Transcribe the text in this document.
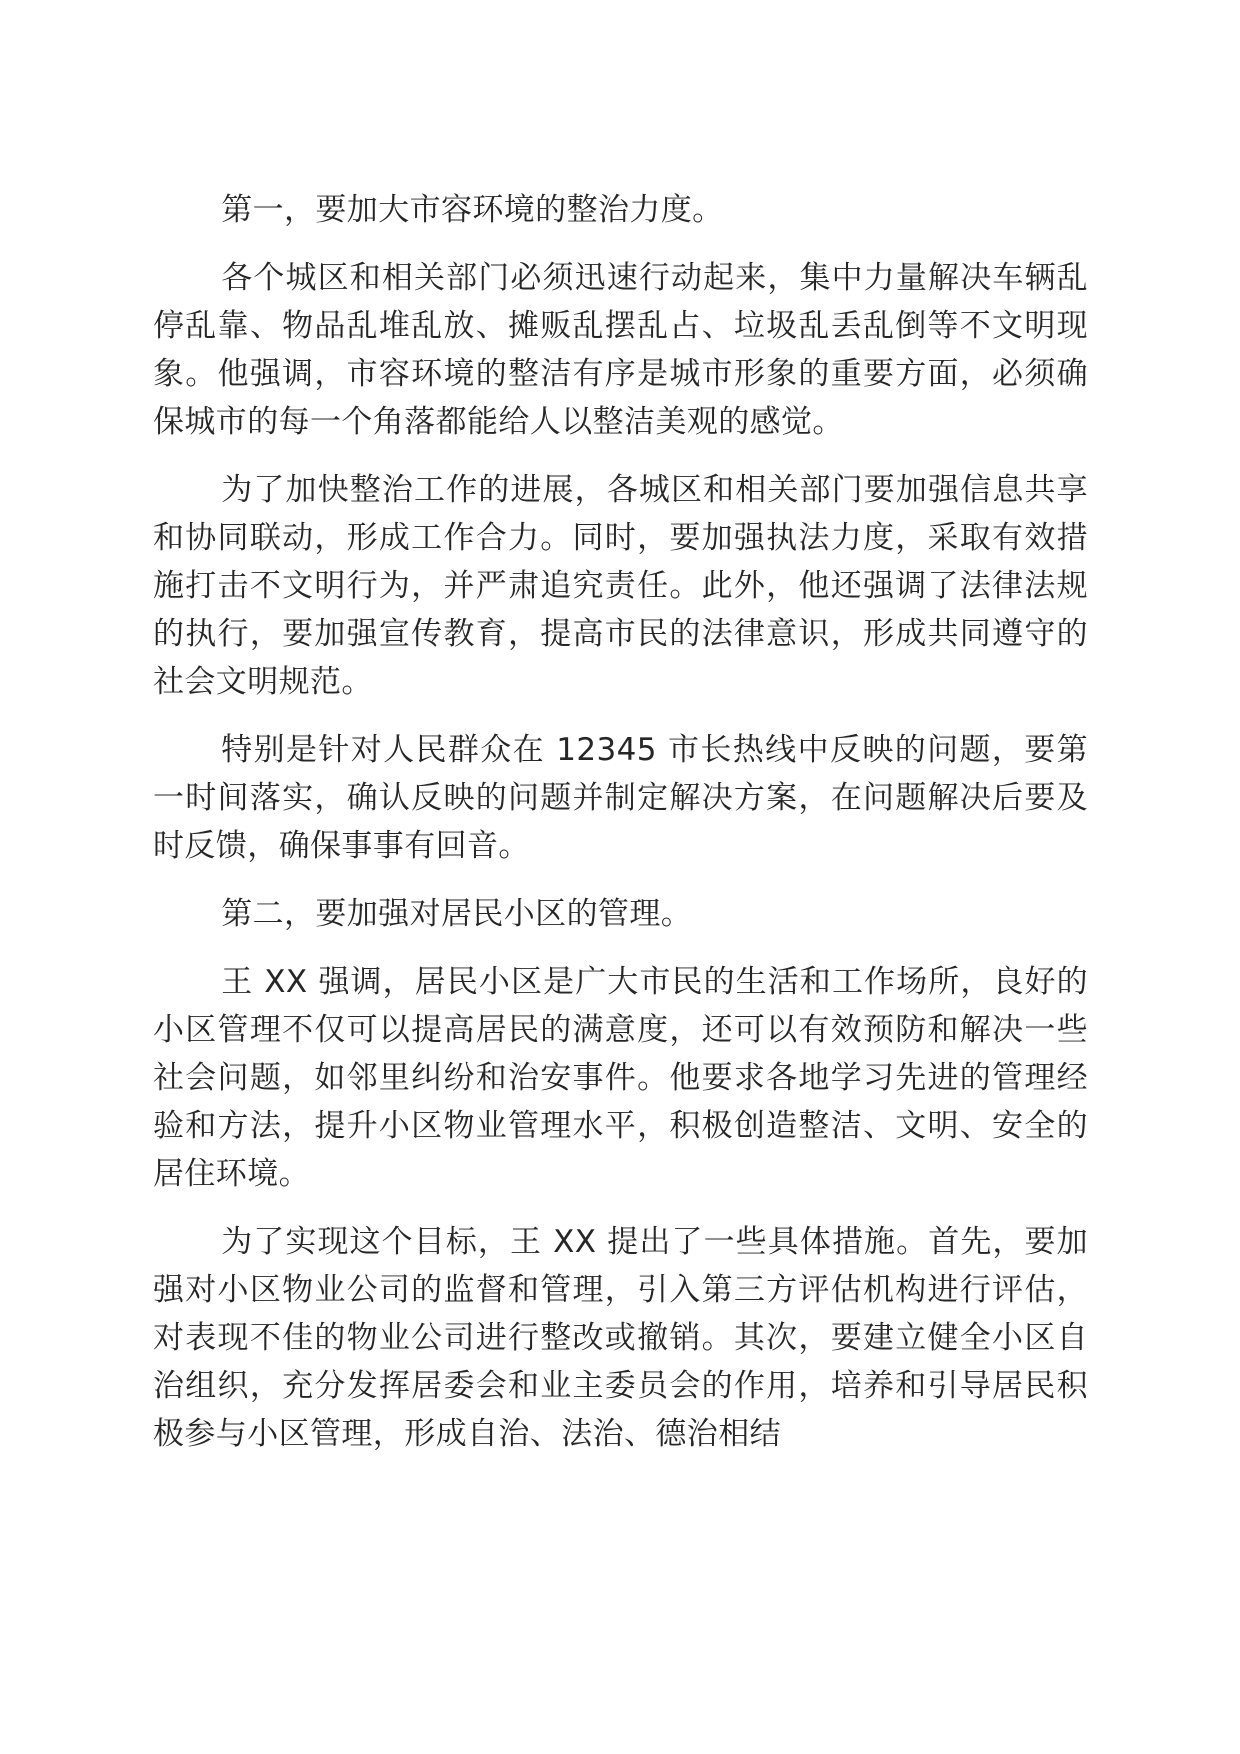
第一，要加大市容环境的整治力度。

各个城区和相关部门必须迅速行动起来，集中力量解决车辆乱停乱靠、物品乱堆乱放、摊贩乱摆乱占、垃圾乱丢乱倒等不文明现象。他强调，市容环境的整洁有序是城市形象的重要方面，必须确保城市的每一个角落都能给人以整洁美观的感觉。

为了加快整治工作的进展，各城区和相关部门要加强信息共享和协同联动，形成工作合力。同时，要加强执法力度，采取有效措施打击不文明行为，并严肃追究责任。此外，他还强调了法律法规的执行，要加强宣传教育，提高市民的法律意识，形成共同遵守的社会文明规范。

特别是针对人民群众在 12345 市长热线中反映的问题，要第一时间落实，确认反映的问题并制定解决方案，在问题解决后要及时反馈，确保事事有回音。

第二，要加强对居民小区的管理。

王 XX 强调，居民小区是广大市民的生活和工作场所，良好的小区管理不仅可以提高居民的满意度，还可以有效预防和解决一些社会问题，如邻里纠纷和治安事件。他要求各地学习先进的管理经验和方法，提升小区物业管理水平，积极创造整洁、文明、安全的居住环境。

为了实现这个目标，王 XX 提出了一些具体措施。首先，要加强对小区物业公司的监督和管理，引入第三方评估机构进行评估，对表现不佳的物业公司进行整改或撤销。其次，要建立健全小区自治组织，充分发挥居委会和业主委员会的作用，培养和引导居民积极参与小区管理，形成自治、法治、德治相结
